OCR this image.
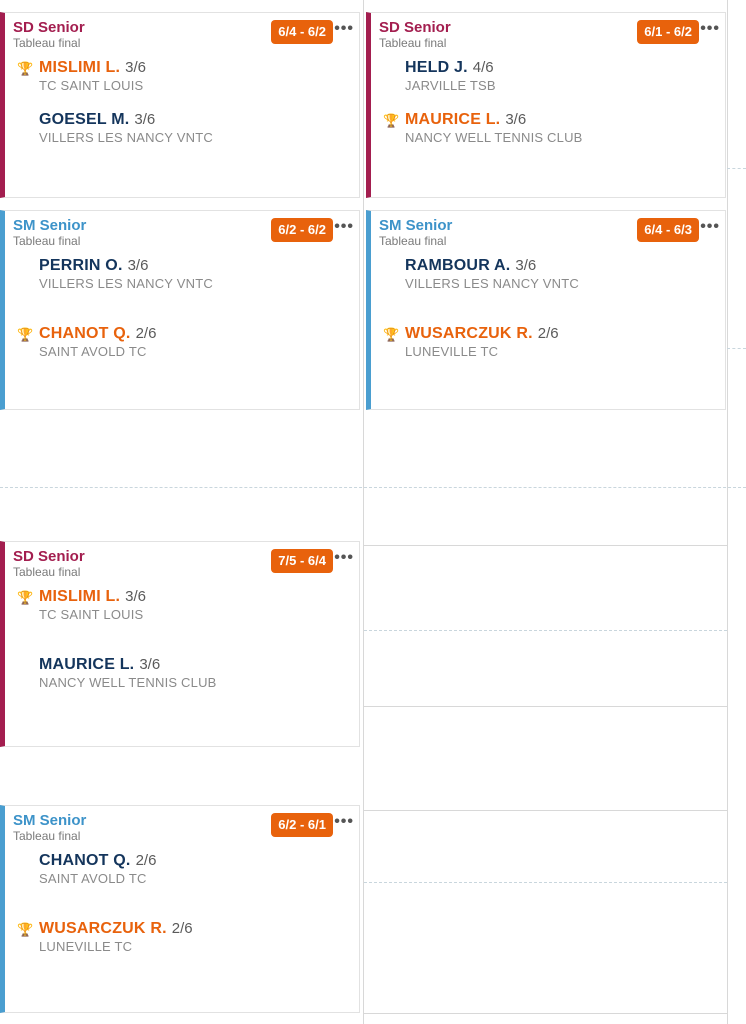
SD Senior
Tableau final
6/4 - 6/2 •••
🏆 MISLIMI L. 3/6
TC SAINT LOUIS
GOESEL M. 3/6
VILLERS LES NANCY VNTC
SD Senior
Tableau final
6/1 - 6/2 •••
HELD J. 4/6
JARVILLE TSB
🏆 MAURICE L. 3/6
NANCY WELL TENNIS CLUB
SM Senior
Tableau final
6/2 - 6/2 •••
PERRIN O. 3/6
VILLERS LES NANCY VNTC
🏆 CHANOT Q. 2/6
SAINT AVOLD TC
SM Senior
Tableau final
6/4 - 6/3 •••
RAMBOUR A. 3/6
VILLERS LES NANCY VNTC
🏆 WUSARCZUK R. 2/6
LUNEVILLE TC
SD Senior
Tableau final
7/5 - 6/4 •••
🏆 MISLIMI L. 3/6
TC SAINT LOUIS
MAURICE L. 3/6
NANCY WELL TENNIS CLUB
SM Senior
Tableau final
6/2 - 6/1 •••
CHANOT Q. 2/6
SAINT AVOLD TC
🏆 WUSARCZUK R. 2/6
LUNEVILLE TC
